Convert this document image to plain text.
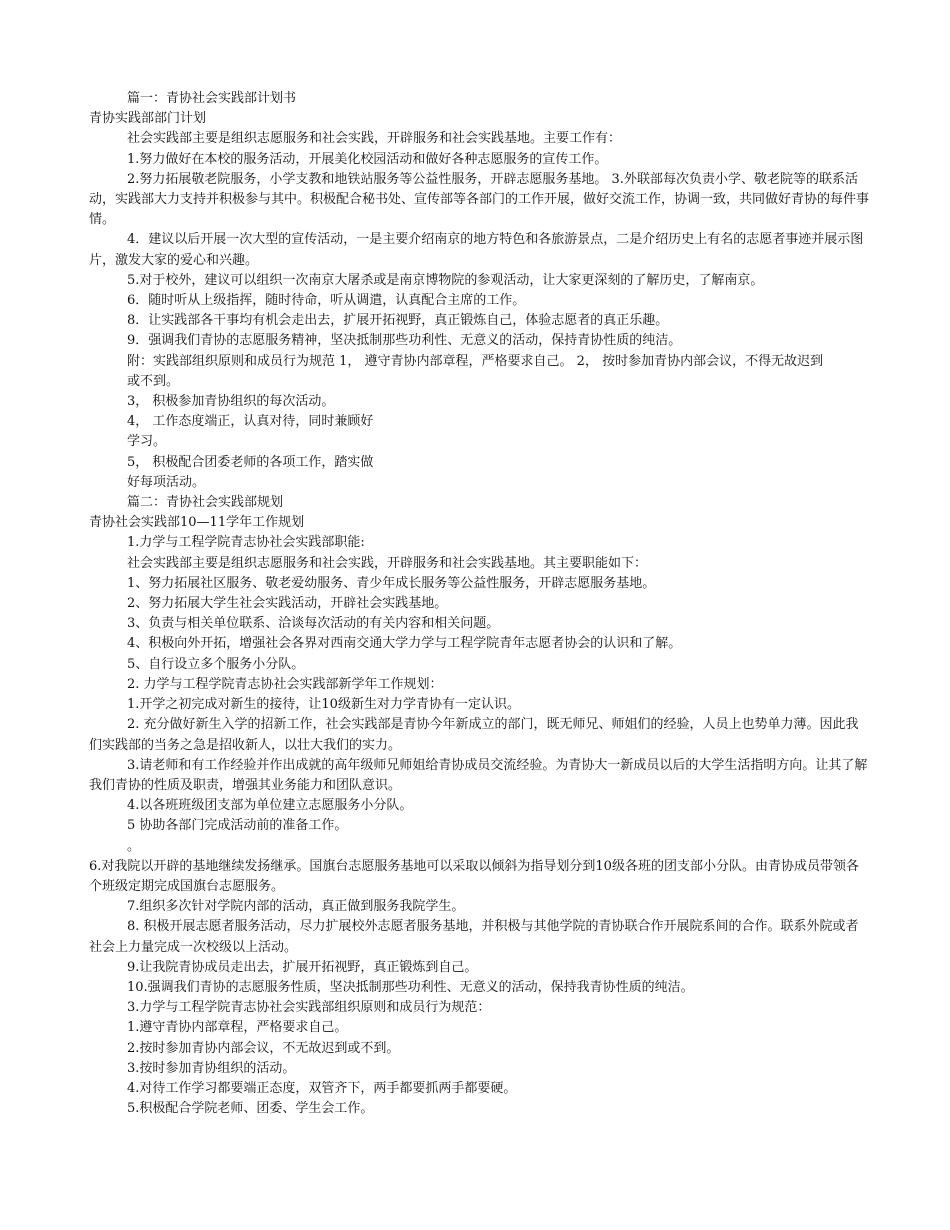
篇一：青协社会实践部计划书

青协实践部部门计划

社会实践部主要是组织志愿服务和社会实践，开辟服务和社会实践基地。主要工作有：

1.努力做好在本校的服务活动，开展美化校园活动和做好各种志愿服务的宣传工作。

2.努力拓展敬老院服务，小学支教和地铁站服务等公益性服务，开辟志愿服务基地。 3.外联部每次负责小学、敬老院等的联系活动，实践部大力支持并积极参与其中。积极配合秘书处、宣传部等各部门的工作开展，做好交流工作，协调一致，共同做好青协的每件事情。

4．建议以后开展一次大型的宣传活动，一是主要介绍南京的地方特色和各旅游景点，二是介绍历史上有名的志愿者事迹并展示图片，激发大家的爱心和兴趣。

5.对于校外，建议可以组织一次南京大屠杀或是南京博物院的参观活动，让大家更深刻的了解历史，了解南京。

6．随时听从上级指挥，随时待命，听从调遣，认真配合主席的工作。

8．让实践部各干事均有机会走出去，扩展开拓视野，真正锻炼自己，体验志愿者的真正乐趣。

9．强调我们青协的志愿服务精神，坚决抵制那些功利性、无意义的活动，保持青协性质的纯洁。

附：实践部组织原则和成员行为规范 1， 遵守青协内部章程，严格要求自己。 2， 按时参加青协内部会议，不得无故迟到

或不到。

3， 积极参加青协组织的每次活动。

4， 工作态度端正，认真对待，同时兼顾好

学习。

5， 积极配合团委老师的各项工作，踏实做

好每项活动。

篇二：青协社会实践部规划

青协社会实践部10—11学年工作规划

1.力学与工程学院青志协社会实践部职能:

社会实践部主要是组织志愿服务和社会实践，开辟服务和社会实践基地。其主要职能如下：

1、努力拓展社区服务、敬老爱幼服务、青少年成长服务等公益性服务，开辟志愿服务基地。

2、努力拓展大学生社会实践活动，开辟社会实践基地。

3、负责与相关单位联系、洽谈每次活动的有关内容和相关问题。

4、积极向外开拓，增强社会各界对西南交通大学力学与工程学院青年志愿者协会的认识和了解。

5、自行设立多个服务小分队。

2. 力学与工程学院青志协社会实践部新学年工作规划：

1.开学之初完成对新生的接待，让10级新生对力学青协有一定认识。

2. 充分做好新生入学的招新工作，社会实践部是青协今年新成立的部门，既无师兄、师姐们的经验，人员上也势单力薄。因此我们实践部的当务之急是招收新人，以壮大我们的实力。

3.请老师和有工作经验并作出成就的高年级师兄师姐给青协成员交流经验。为青协大一新成员以后的大学生活指明方向。让其了解我们青协的性质及职责，增强其业务能力和团队意识。

4.以各班班级团支部为单位建立志愿服务小分队。

5 协助各部门完成活动前的准备工作。

。

6.对我院以开辟的基地继续发扬继承。国旗台志愿服务基地可以采取以倾斜为指导划分到10级各班的团支部小分队。由青协成员带领各个班级定期完成国旗台志愿服务。

7.组织多次针对学院内部的活动，真正做到服务我院学生。

8. 积极开展志愿者服务活动，尽力扩展校外志愿者服务基地，并积极与其他学院的青协联合作开展院系间的合作。联系外院或者社会上力量完成一次校级以上活动。

9.让我院青协成员走出去，扩展开拓视野，真正锻炼到自己。

10.强调我们青协的志愿服务性质，坚决抵制那些功利性、无意义的活动，保持我青协性质的纯洁。

3.力学与工程学院青志协社会实践部组织原则和成员行为规范：

1.遵守青协内部章程，严格要求自己。

2.按时参加青协内部会议，不无故迟到或不到。

3.按时参加青协组织的活动。

4.对待工作学习都要端正态度，双管齐下，两手都要抓两手都要硬。

5.积极配合学院老师、团委、学生会工作。
